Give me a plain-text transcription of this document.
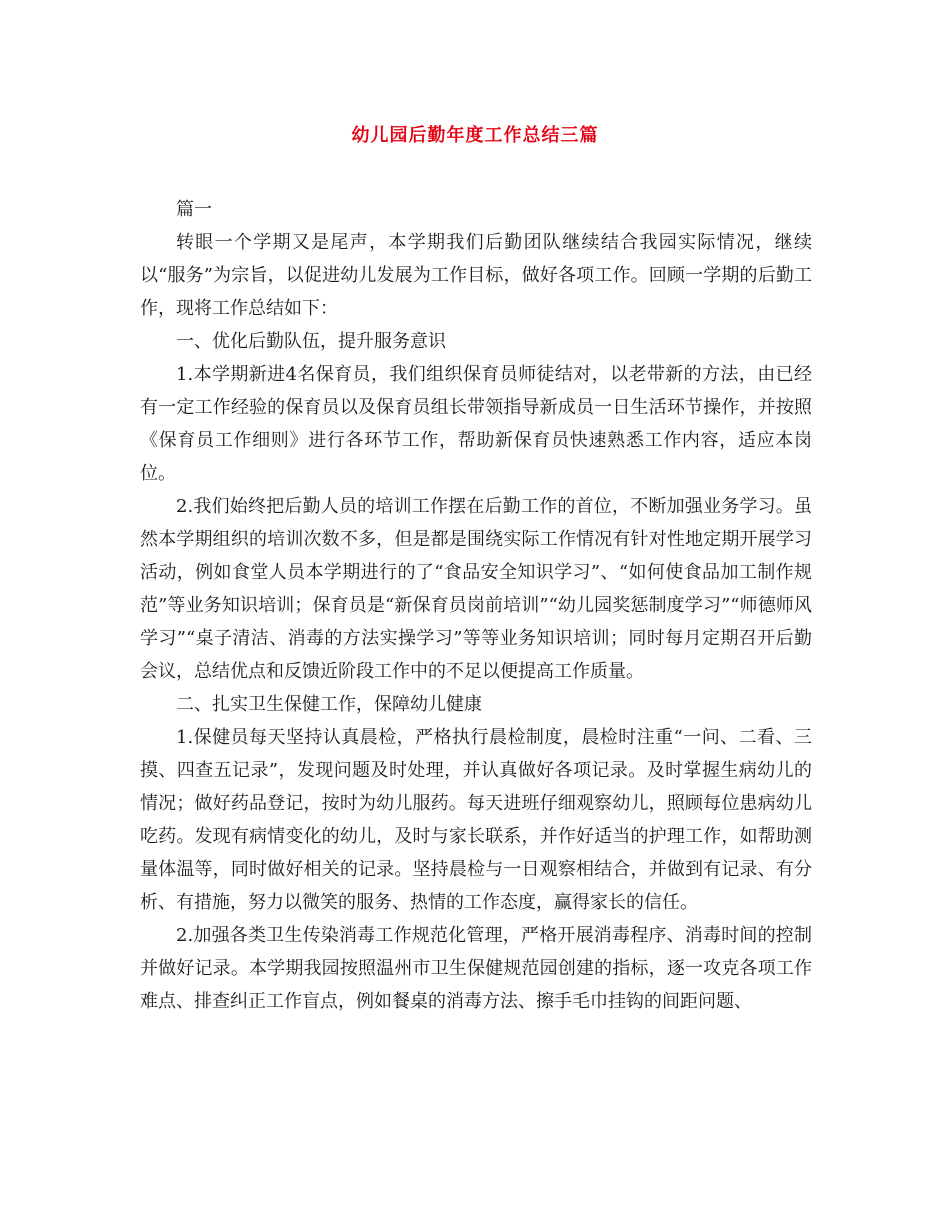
幼儿园后勤年度工作总结三篇

篇一

转眼一个学期又是尾声，本学期我们后勤团队继续结合我园实际情况，继续以“服务”为宗旨，以促进幼儿发展为工作目标，做好各项工作。回顾一学期的后勤工作，现将工作总结如下：

一、优化后勤队伍，提升服务意识

1.本学期新进4名保育员，我们组织保育员师徒结对，以老带新的方法，由已经有一定工作经验的保育员以及保育员组长带领指导新成员一日生活环节操作，并按照《保育员工作细则》进行各环节工作，帮助新保育员快速熟悉工作内容，适应本岗位。

2.我们始终把后勤人员的培训工作摆在后勤工作的首位，不断加强业务学习。虽然本学期组织的培训次数不多，但是都是围绕实际工作情况有针对性地定期开展学习活动，例如食堂人员本学期进行的了“食品安全知识学习”、“如何使食品加工制作规范”等业务知识培训；保育员是“新保育员岗前培训”“幼儿园奖惩制度学习”“师德师风学习”“桌子清洁、消毒的方法实操学习”等等业务知识培训；同时每月定期召开后勤会议，总结优点和反馈近阶段工作中的不足以便提高工作质量。

二、扎实卫生保健工作，保障幼儿健康

1.保健员每天坚持认真晨检，严格执行晨检制度，晨检时注重“一问、二看、三摸、四查五记录”，发现问题及时处理，并认真做好各项记录。及时掌握生病幼儿的情况；做好药品登记，按时为幼儿服药。每天进班仔细观察幼儿，照顾每位患病幼儿吃药。发现有病情变化的幼儿，及时与家长联系，并作好适当的护理工作，如帮助测量体温等，同时做好相关的记录。坚持晨检与一日观察相结合，并做到有记录、有分析、有措施，努力以微笑的服务、热情的工作态度，赢得家长的信任。

2.加强各类卫生传染消毒工作规范化管理，严格开展消毒程序、消毒时间的控制并做好记录。本学期我园按照温州市卫生保健规范园创建的指标，逐一攻克各项工作难点、排查纠正工作盲点，例如餐桌的消毒方法、擦手毛巾挂钩的间距问题、
